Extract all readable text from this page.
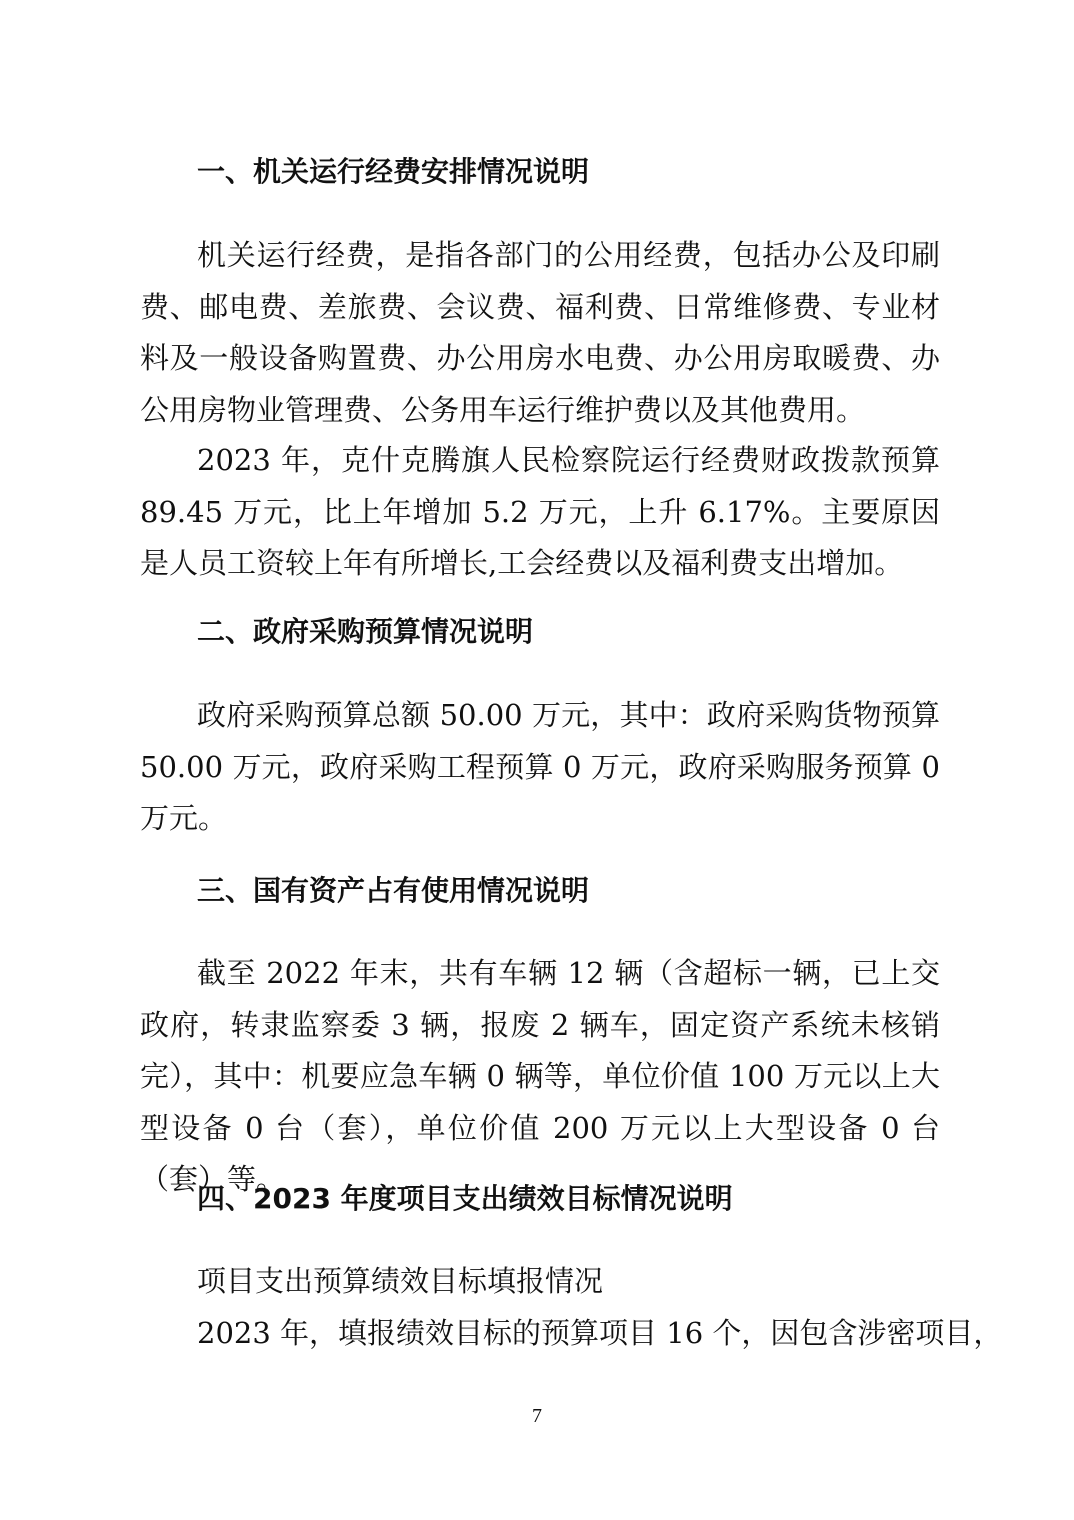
一、机关运行经费安排情况说明
机关运行经费，是指各部门的公用经费，包括办公及印刷费、邮电费、差旅费、会议费、福利费、日常维修费、专业材料及一般设备购置费、办公用房水电费、办公用房取暖费、办公用房物业管理费、公务用车运行维护费以及其他费用。
2023 年，克什克腾旗人民检察院运行经费财政拨款预算 89.45 万元，比上年增加 5.2 万元，上升 6.17%。主要原因是人员工资较上年有所增长,工会经费以及福利费支出增加。
二、政府采购预算情况说明
政府采购预算总额 50.00 万元，其中：政府采购货物预算 50.00 万元，政府采购工程预算 0 万元，政府采购服务预算 0 万元。
三、国有资产占有使用情况说明
截至 2022 年末，共有车辆 12 辆（含超标一辆，已上交政府，转隶监察委 3 辆，报废 2 辆车，固定资产系统未核销完），其中：机要应急车辆 0 辆等，单位价值 100 万元以上大型设备 0 台（套），单位价值 200 万元以上大型设备 0 台（套）等。
四、2023 年度项目支出绩效目标情况说明
项目支出预算绩效目标填报情况
2023 年，填报绩效目标的预算项目 16 个，因包含涉密项目，
7
